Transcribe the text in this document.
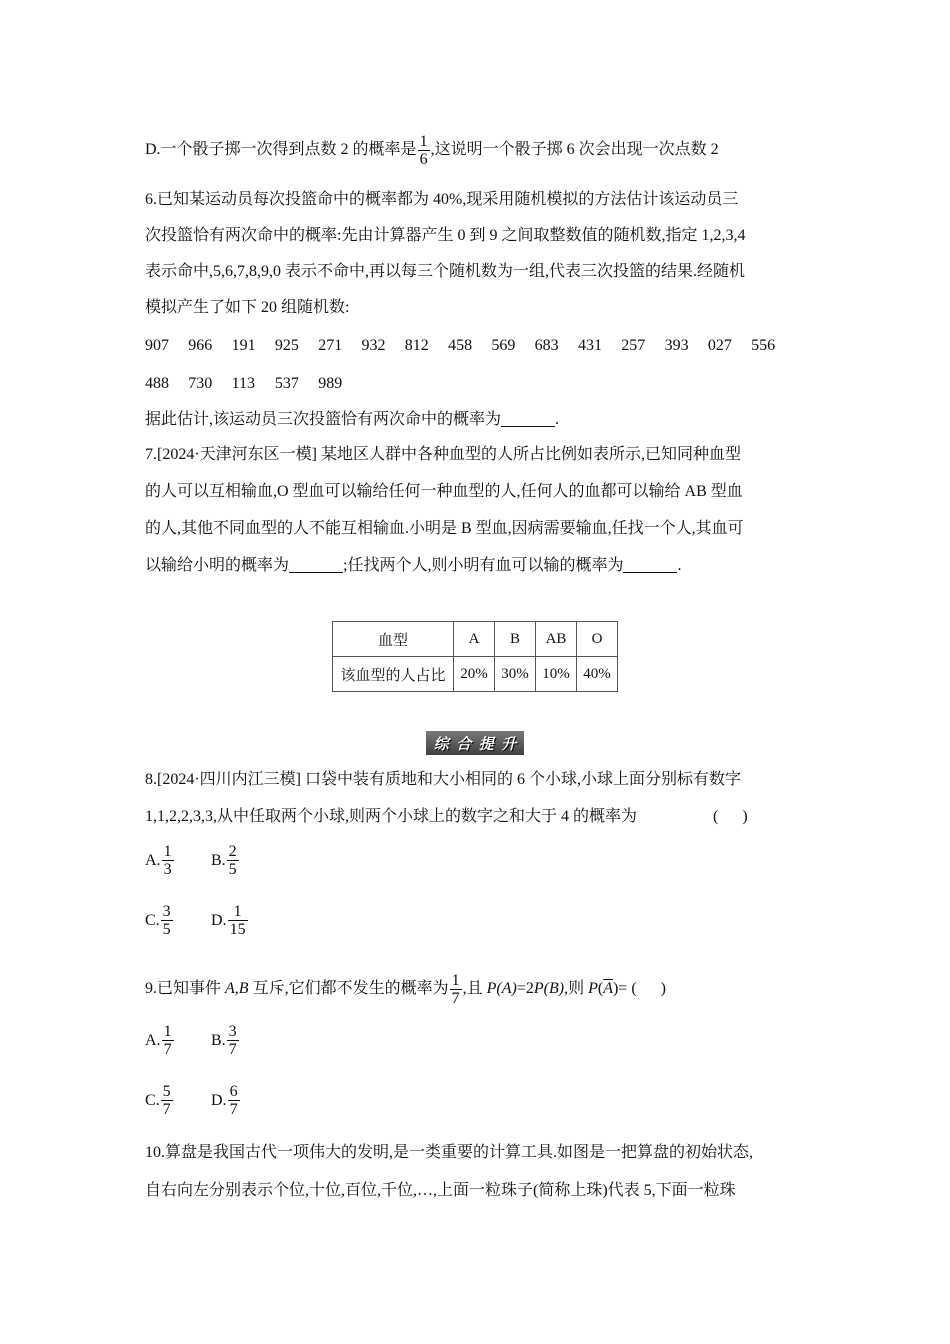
D.一个骰子掷一次得到点数 2 的概率是 $\frac{1}{6}$ ,这说明一个骰子掷 6 次会出现一次点数 2
6.已知某运动员每次投篮命中的概率都为 40%,现采用随机模拟的方法估计该运动员三
次投篮恰有两次命中的概率:先由计算器产生 0 到 9 之间取整数值的随机数,指定 1,2,3,4
表示命中,5,6,7,8,9,0 表示不命中,再以每三个随机数为一组,代表三次投篮的结果.经随机
模拟产生了如下 20 组随机数:
907 966 191 925 271 932 812 458 569 683 431 257 393 027 556
488 730 113 537 989
据此估计,该运动员三次投篮恰有两次命中的概率为	.
7.[2024·天津河东区一模] 某地区人群中各种血型的人所占比例如表所示,已知同种血型
的人可以互相输血,O 型血可以输给任何一种血型的人,任何人的血都可以输给 AB 型血
的人,其他不同血型的人不能互相输血.小明是 B 型血,因病需要输血,任找一个人,其血可
以输给小明的概率为	;任找两个人,则小明有血可以输的概率为	.
血型	A	B	AB	O
该血型的人占比	20%	30%	10%	40%
综 合 提 升
8.[2024·四川内江三模] 口袋中装有质地和大小相同的 6 个小球,小球上面分别标有数字
1,1,2,2,3,3,从中任取两个小球,则两个小球上的数字之和大于 4 的概率为	(      )
A. $\frac{1}{3} B$. $\frac{2}{5}$
C. $\frac{3}{5} D$. $\frac{1}{15}$
9.已知事件 A,B 互斥,它们都不发生的概率为 $\frac{1}{7}$ ,且 P(A)=2P(B),则 $P(\overline{A})=$ (      )
A. $\frac{1}{7} B$. $\frac{3}{7}$
C. $\frac{5}{7} D$. $\frac{6}{7}$
10.算盘是我国古代一项伟大的发明,是一类重要的计算工具.如图是一把算盘的初始状态,
自右向左分别表示个位,十位,百位,千位,…,上面一粒珠子(简称上珠)代表 5,下面一粒珠
